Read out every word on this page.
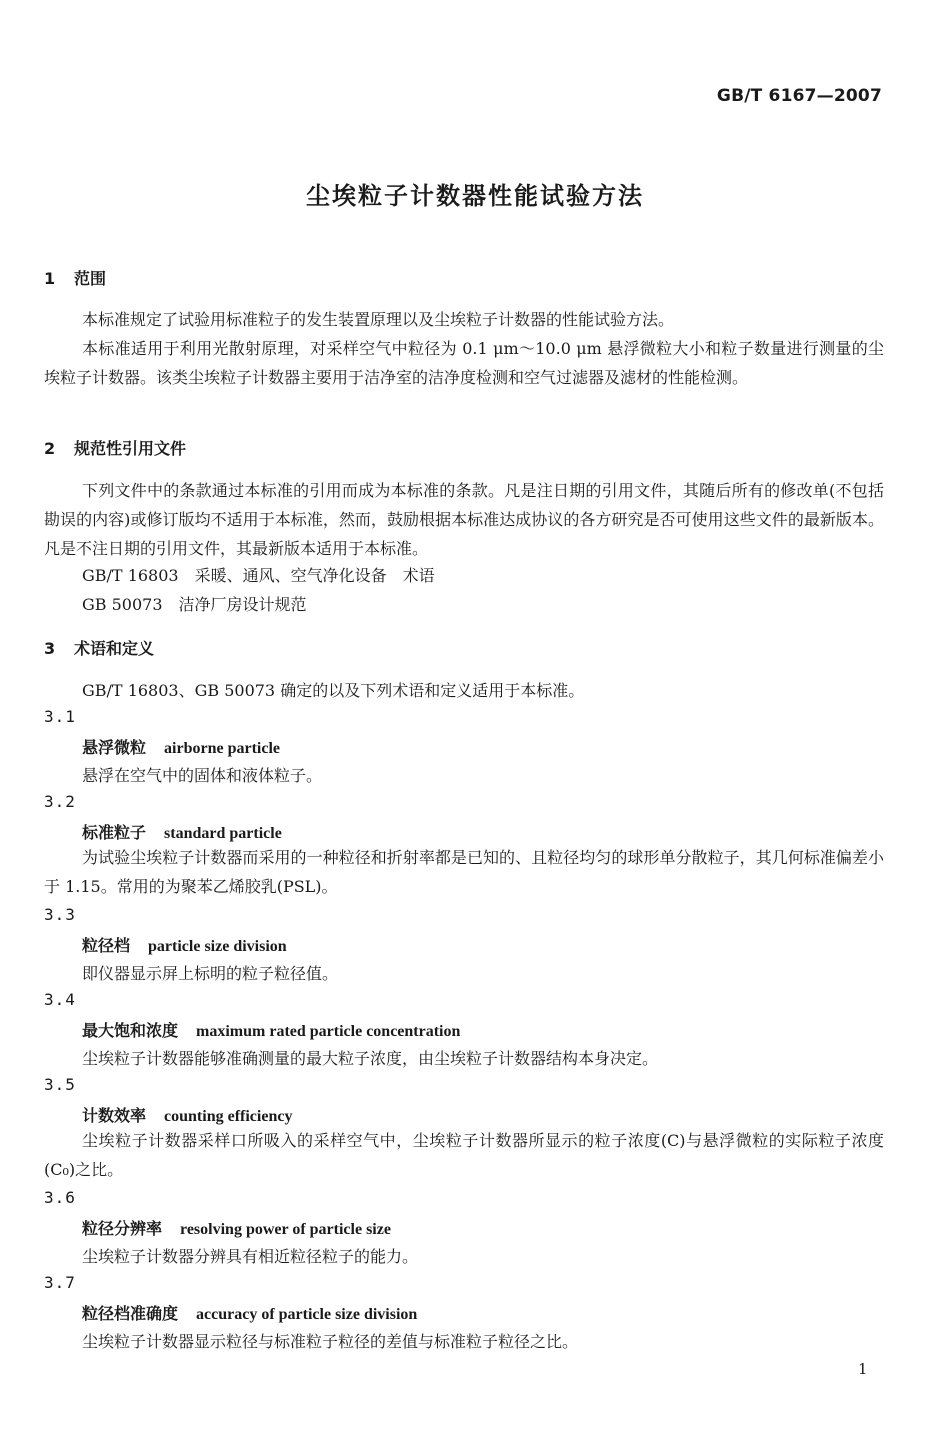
GB/T 6167—2007
尘埃粒子计数器性能试验方法
1 范围
本标准规定了试验用标准粒子的发生装置原理以及尘埃粒子计数器的性能试验方法。
本标准适用于利用光散射原理，对采样空气中粒径为 0.1 μm～10.0 μm 悬浮微粒大小和粒子数量进行测量的尘埃粒子计数器。该类尘埃粒子计数器主要用于洁净室的洁净度检测和空气过滤器及滤材的性能检测。
2 规范性引用文件
下列文件中的条款通过本标准的引用而成为本标准的条款。凡是注日期的引用文件，其随后所有的修改单(不包括勘误的内容)或修订版均不适用于本标准，然而，鼓励根据本标准达成协议的各方研究是否可使用这些文件的最新版本。凡是不注日期的引用文件，其最新版本适用于本标准。
GB/T 16803　 采暖、通风、空气净化设备　术语
GB 50073　 洁净厂房设计规范
3 术语和定义
GB/T 16803、GB 50073 确定的以及下列术语和定义适用于本标准。
3.1
悬浮微粒 airborne particle
悬浮在空气中的固体和液体粒子。
3.2
标准粒子 standard particle
为试验尘埃粒子计数器而采用的一种粒径和折射率都是已知的、且粒径均匀的球形单分散粒子，其几何标准偏差小于 1.15。常用的为聚苯乙烯胶乳(PSL)。
3.3
粒径档 particle size division
即仪器显示屏上标明的粒子粒径值。
3.4
最大饱和浓度 maximum rated particle concentration
尘埃粒子计数器能够准确测量的最大粒子浓度，由尘埃粒子计数器结构本身决定。
3.5
计数效率 counting efficiency
尘埃粒子计数器采样口所吸入的采样空气中，尘埃粒子计数器所显示的粒子浓度(C)与悬浮微粒的实际粒子浓度(C₀)之比。
3.6
粒径分辨率 resolving power of particle size
尘埃粒子计数器分辨具有相近粒径粒子的能力。
3.7
粒径档准确度 accuracy of particle size division
尘埃粒子计数器显示粒径与标准粒子粒径的差值与标准粒子粒径之比。
1
